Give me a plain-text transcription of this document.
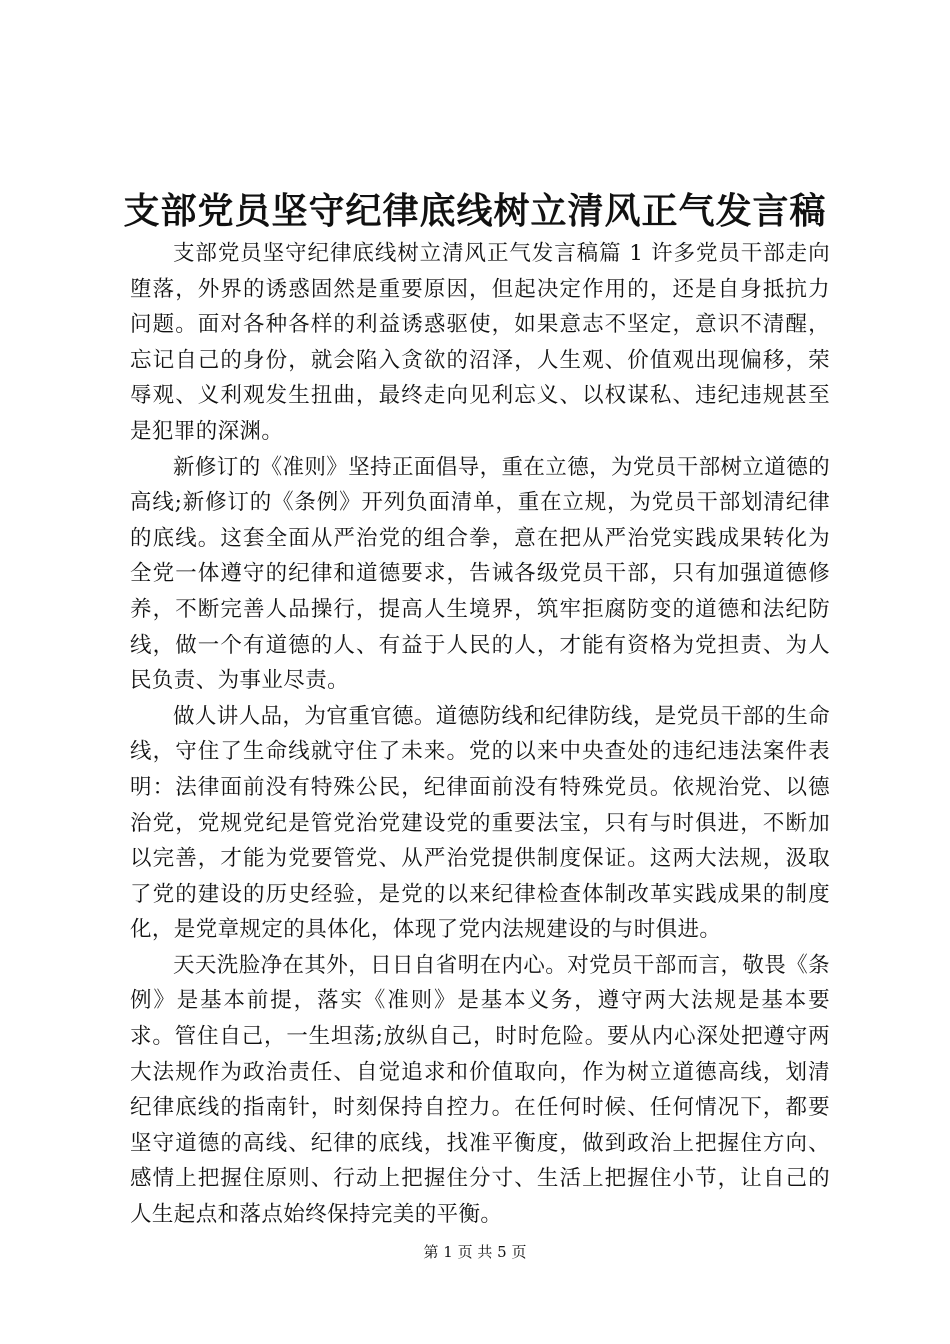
支部党员坚守纪律底线树立清风正气发言稿

支部党员坚守纪律底线树立清风正气发言稿篇 1 许多党员干部走向堕落，外界的诱惑固然是重要原因，但起决定作用的，还是自身抵抗力问题。面对各种各样的利益诱惑驱使，如果意志不坚定，意识不清醒，忘记自己的身份，就会陷入贪欲的沼泽，人生观、价值观出现偏移，荣辱观、义利观发生扭曲，最终走向见利忘义、以权谋私、违纪违规甚至是犯罪的深渊。

新修订的《准则》坚持正面倡导，重在立德，为党员干部树立道德的高线;新修订的《条例》开列负面清单，重在立规，为党员干部划清纪律的底线。这套全面从严治党的组合拳，意在把从严治党实践成果转化为全党一体遵守的纪律和道德要求，告诫各级党员干部，只有加强道德修养，不断完善人品操行，提高人生境界，筑牢拒腐防变的道德和法纪防线，做一个有道德的人、有益于人民的人，才能有资格为党担责、为人民负责、为事业尽责。

做人讲人品，为官重官德。道德防线和纪律防线，是党员干部的生命线，守住了生命线就守住了未来。党的以来中央查处的违纪违法案件表明：法律面前没有特殊公民，纪律面前没有特殊党员。依规治党、以德治党，党规党纪是管党治党建设党的重要法宝，只有与时俱进，不断加以完善，才能为党要管党、从严治党提供制度保证。这两大法规，汲取了党的建设的历史经验，是党的以来纪律检查体制改革实践成果的制度化，是党章规定的具体化，体现了党内法规建设的与时俱进。

天天洗脸净在其外，日日自省明在内心。对党员干部而言，敬畏《条例》是基本前提，落实《准则》是基本义务，遵守两大法规是基本要求。管住自己，一生坦荡;放纵自己，时时危险。要从内心深处把遵守两大法规作为政治责任、自觉追求和价值取向，作为树立道德高线，划清纪律底线的指南针，时刻保持自控力。在任何时候、任何情况下，都要坚守道德的高线、纪律的底线，找准平衡度，做到政治上把握住方向、感情上把握住原则、行动上把握住分寸、生活上把握住小节，让自己的人生起点和落点始终保持完美的平衡。

第 1 页 共 5 页
